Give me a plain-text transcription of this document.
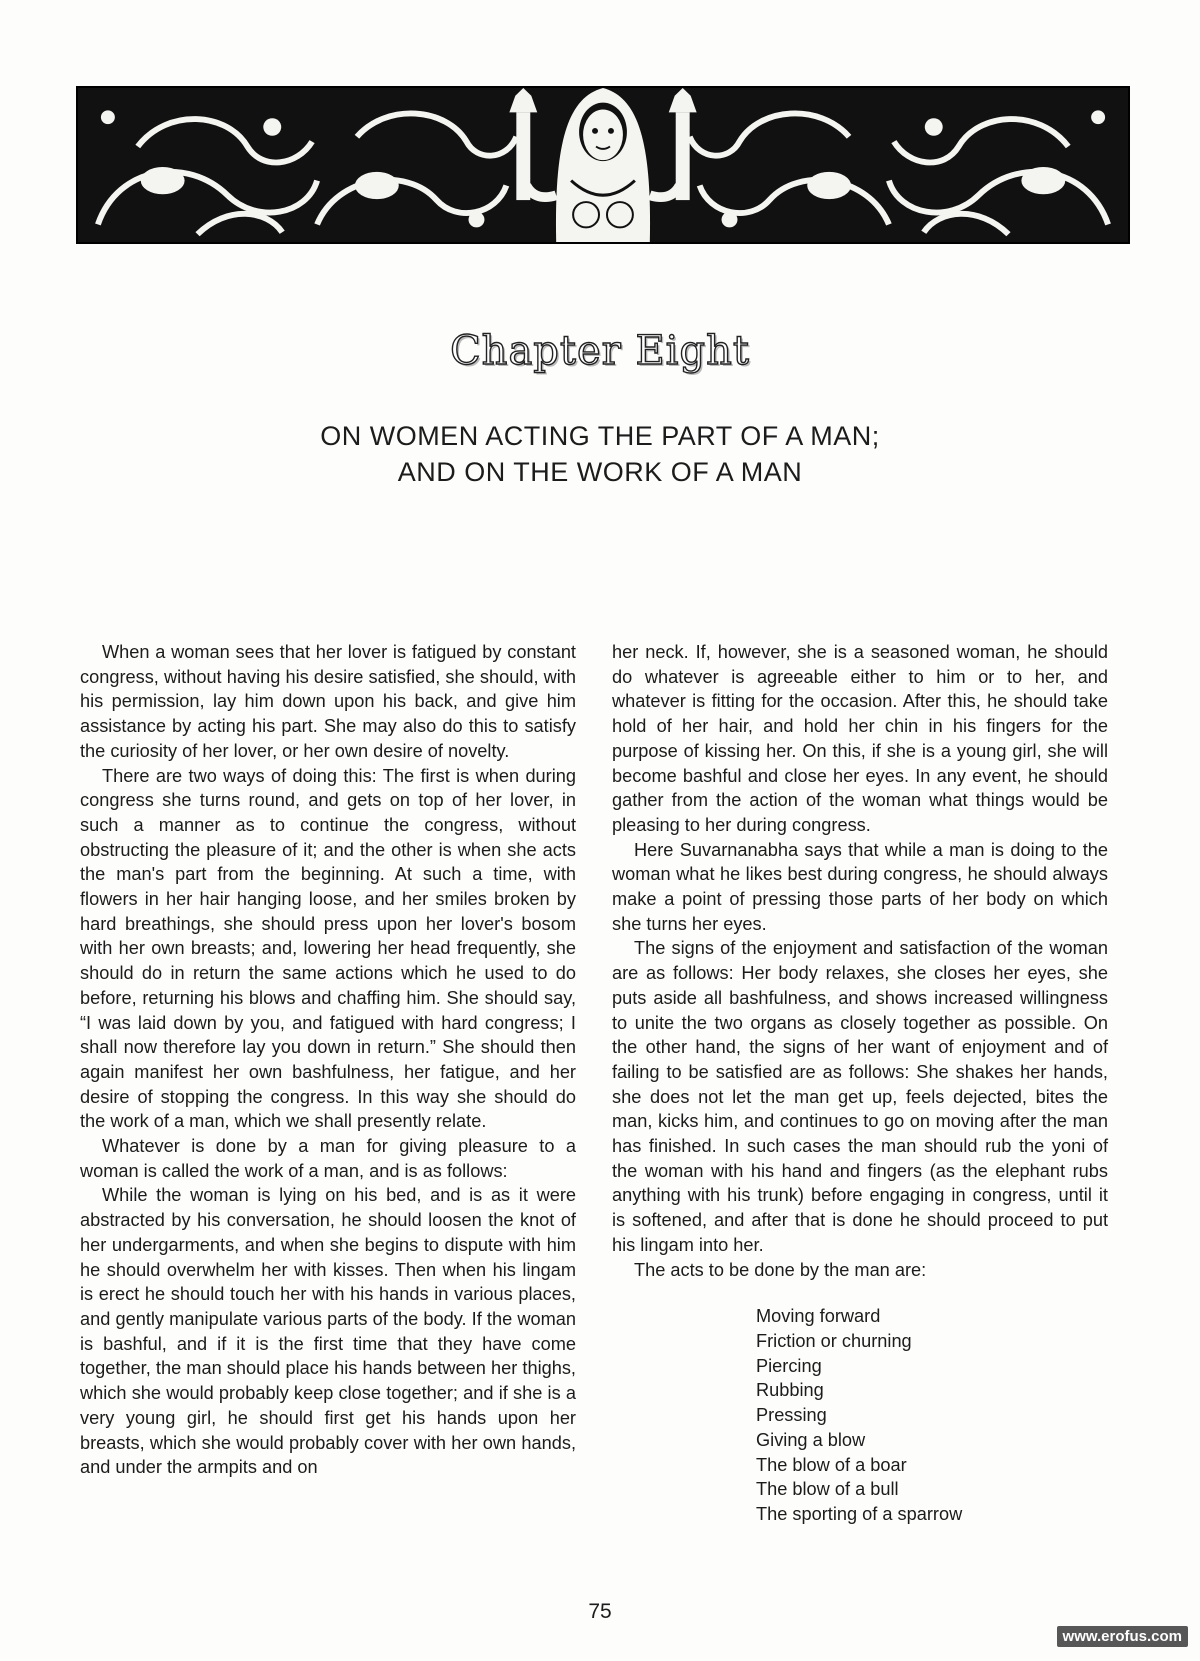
Chapter Eight
ON WOMEN ACTING THE PART OF A MAN;
AND ON THE WORK OF A MAN

When a woman sees that her lover is fatigued by constant congress, without having his desire satisfied, she should, with his permission, lay him down upon his back, and give him assistance by acting his part. She may also do this to satisfy the curiosity of her lover, or her own desire of novelty.

There are two ways of doing this: The first is when during congress she turns round, and gets on top of her lover, in such a manner as to continue the congress, without obstructing the pleasure of it; and the other is when she acts the man's part from the beginning. At such a time, with flowers in her hair hanging loose, and her smiles broken by hard breathings, she should press upon her lover's bosom with her own breasts; and, lowering her head frequently, she should do in return the same actions which he used to do before, returning his blows and chaffing him. She should say, “I was laid down by you, and fatigued with hard congress; I shall now therefore lay you down in return.” She should then again manifest her own bashfulness, her fatigue, and her desire of stopping the congress. In this way she should do the work of a man, which we shall presently relate.

Whatever is done by a man for giving pleasure to a woman is called the work of a man, and is as follows:

While the woman is lying on his bed, and is as it were abstracted by his conversation, he should loosen the knot of her undergarments, and when she begins to dispute with him he should overwhelm her with kisses. Then when his lingam is erect he should touch her with his hands in various places, and gently manipulate various parts of the body. If the woman is bashful, and if it is the first time that they have come together, the man should place his hands between her thighs, which she would probably keep close together; and if she is a very young girl, he should first get his hands upon her breasts, which she would probably cover with her own hands, and under the armpits and on

her neck. If, however, she is a seasoned woman, he should do whatever is agreeable either to him or to her, and whatever is fitting for the occasion. After this, he should take hold of her hair, and hold her chin in his fingers for the purpose of kissing her. On this, if she is a young girl, she will become bashful and close her eyes. In any event, he should gather from the action of the woman what things would be pleasing to her during congress.

Here Suvarnanabha says that while a man is doing to the woman what he likes best during congress, he should always make a point of pressing those parts of her body on which she turns her eyes.

The signs of the enjoyment and satisfaction of the woman are as follows: Her body relaxes, she closes her eyes, she puts aside all bashfulness, and shows increased willingness to unite the two organs as closely together as possible. On the other hand, the signs of her want of enjoyment and of failing to be satisfied are as follows: She shakes her hands, she does not let the man get up, feels dejected, bites the man, kicks him, and continues to go on moving after the man has finished. In such cases the man should rub the yoni of the woman with his hand and fingers (as the elephant rubs anything with his trunk) before engaging in congress, until it is softened, and after that is done he should proceed to put his lingam into her.

The acts to be done by the man are:

Moving forward
Friction or churning
Piercing
Rubbing
Pressing
Giving a blow
The blow of a boar
The blow of a bull
The sporting of a sparrow
75
www.erofus.com
